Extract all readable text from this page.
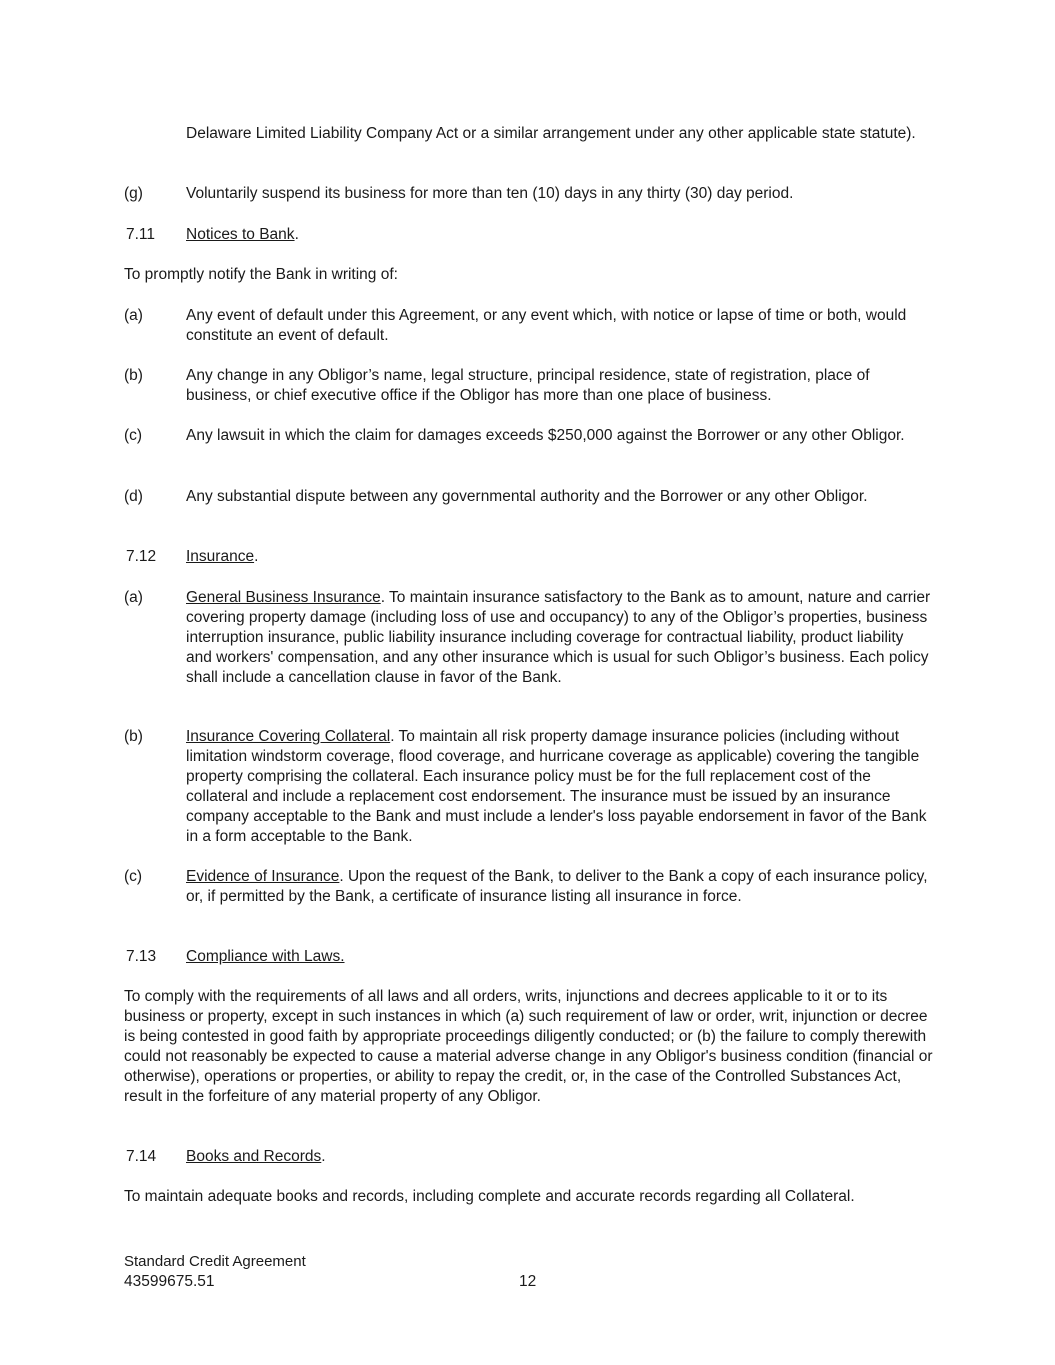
Delaware Limited Liability Company Act or a similar arrangement under any other applicable state statute).

(g)	Voluntarily suspend its business for more than ten (10) days in any thirty (30) day period.
7.11 Notices to Bank.

To promptly notify the Bank in writing of:

(a)	Any event of default under this Agreement, or any event which, with notice or lapse of time or both, would constitute an event of default.
(b)	Any change in any Obligor’s name, legal structure, principal residence, state of registration, place of business, or chief executive office if the Obligor has more than one place of business.
(c)	Any lawsuit in which the claim for damages exceeds $250,000 against the Borrower or any other Obligor.
(d)	Any substantial dispute between any governmental authority and the Borrower or any other Obligor.
7.12 Insurance.
(a)	General Business Insurance. To maintain insurance satisfactory to the Bank as to amount, nature and carrier covering property damage (including loss of use and occupancy) to any of the Obligor’s properties, business interruption insurance, public liability insurance including coverage for contractual liability, product liability and workers' compensation, and any other insurance which is usual for such Obligor’s business. Each policy shall include a cancellation clause in favor of the Bank.
(b)	Insurance Covering Collateral. To maintain all risk property damage insurance policies (including without limitation windstorm coverage, flood coverage, and hurricane coverage as applicable) covering the tangible property comprising the collateral. Each insurance policy must be for the full replacement cost of the collateral and include a replacement cost endorsement. The insurance must be issued by an insurance company acceptable to the Bank and must include a lender's loss payable endorsement in favor of the Bank in a form acceptable to the Bank.
(c)	Evidence of Insurance. Upon the request of the Bank, to deliver to the Bank a copy of each insurance policy, or, if permitted by the Bank, a certificate of insurance listing all insurance in force.
7.13 Compliance with Laws.

To comply with the requirements of all laws and all orders, writs, injunctions and decrees applicable to it or to its business or property, except in such instances in which (a) such requirement of law or order, writ, injunction or decree is being contested in good faith by appropriate proceedings diligently conducted; or (b) the failure to comply therewith could not reasonably be expected to cause a material adverse change in any Obligor's business condition (financial or otherwise), operations or properties, or ability to repay the credit, or, in the case of the Controlled Substances Act, result in the forfeiture of any material property of any Obligor.

7.14 Books and Records.

To maintain adequate books and records, including complete and accurate records regarding all Collateral.

Standard Credit Agreement
43599675.51	12
